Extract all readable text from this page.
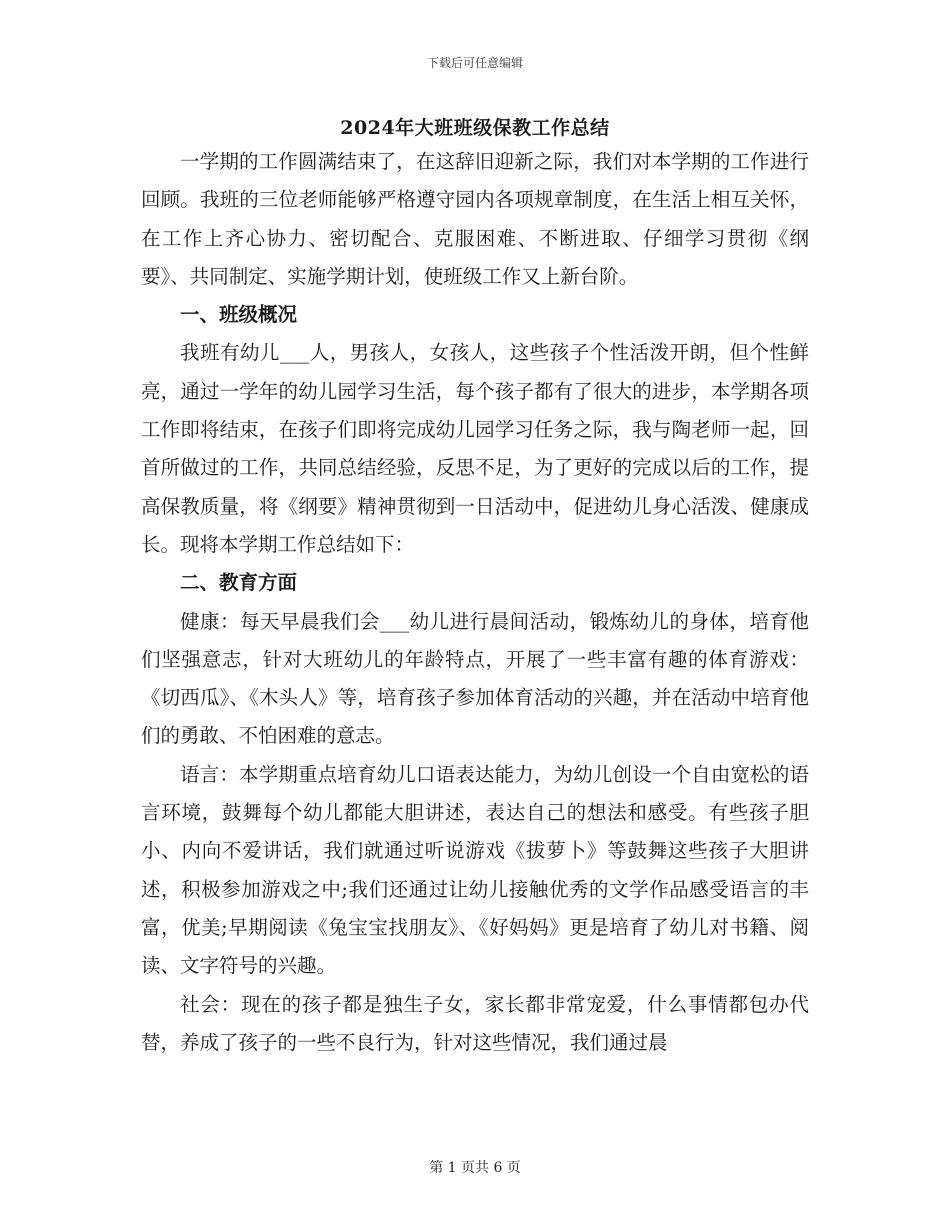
下载后可任意编辑
2024年大班班级保教工作总结

一学期的工作圆满结束了，在这辞旧迎新之际，我们对本学期的工作进行回顾。我班的三位老师能够严格遵守园内各项规章制度，在生活上相互关怀，在工作上齐心协力、密切配合、克服困难、不断进取、仔细学习贯彻《纲要》、共同制定、实施学期计划，使班级工作又上新台阶。

一、班级概况

我班有幼儿___人，男孩人，女孩人，这些孩子个性活泼开朗，但个性鲜亮，通过一学年的幼儿园学习生活，每个孩子都有了很大的进步，本学期各项工作即将结束，在孩子们即将完成幼儿园学习任务之际，我与陶老师一起，回首所做过的工作，共同总结经验，反思不足，为了更好的完成以后的工作，提高保教质量，将《纲要》精神贯彻到一日活动中，促进幼儿身心活泼、健康成长。现将本学期工作总结如下：

二、教育方面

健康：每天早晨我们会___幼儿进行晨间活动，锻炼幼儿的身体，培育他们坚强意志，针对大班幼儿的年龄特点，开展了一些丰富有趣的体育游戏：《切西瓜》、《木头人》等，培育孩子参加体育活动的兴趣，并在活动中培育他们的勇敢、不怕困难的意志。

语言：本学期重点培育幼儿口语表达能力，为幼儿创设一个自由宽松的语言环境，鼓舞每个幼儿都能大胆讲述，表达自己的想法和感受。有些孩子胆小、内向不爱讲话，我们就通过听说游戏《拔萝卜》等鼓舞这些孩子大胆讲述，积极参加游戏之中;我们还通过让幼儿接触优秀的文学作品感受语言的丰富，优美;早期阅读《兔宝宝找朋友》、《好妈妈》更是培育了幼儿对书籍、阅读、文字符号的兴趣。

社会：现在的孩子都是独生子女，家长都非常宠爱，什么事情都包办代替，养成了孩子的一些不良行为，针对这些情况，我们通过晨

第 1 页共 6 页
